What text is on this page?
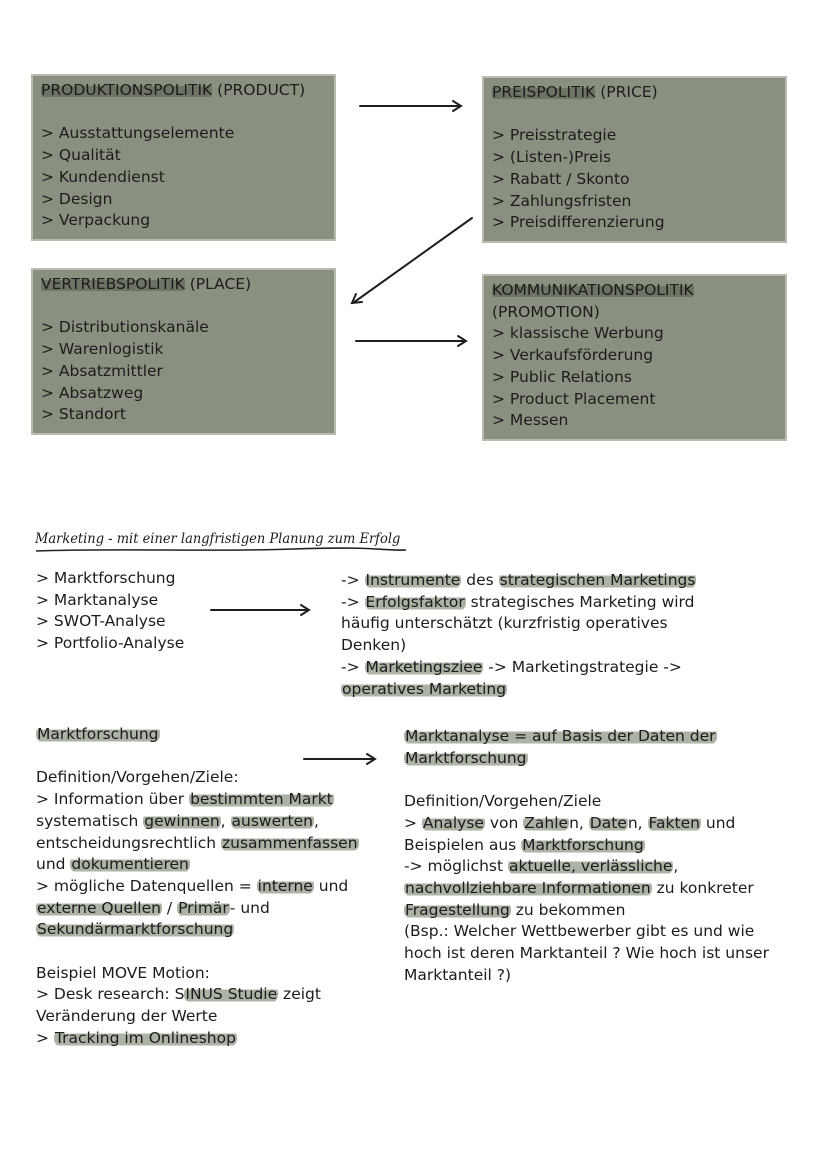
PRODUKTIONSPOLITIK (PRODUCT)
> Ausstattungselemente
> Qualität
> Kundendienst
> Design
> Verpackung
PREISPOLITIK (PRICE)
> Preisstrategie
> (Listen-)Preis
> Rabatt / Skonto
> Zahlungsfristen
> Preisdifferenzierung
VERTRIEBSPOLITIK (PLACE)
> Distributionskanäle
> Warenlogistik
> Absatzmittler
> Absatzweg
> Standort
KOMMUNIKATIONSPOLITIK
(PROMOTION)
> klassische Werbung
> Verkaufsförderung
> Public Relations
> Product Placement
> Messen
Marketing - mit einer langfristigen Planung zum Erfolg
> Marktforschung
> Marktanalyse
> SWOT-Analyse
> Portfolio-Analyse

-> Instrumente des strategischen Marketings

-> Erfolgsfaktor strategisches Marketing wird

häufig unterschätzt (kurzfristig operatives

Denken)

-> Marketingsziee -> Marketingstrategie ->

operatives Marketing

Marktforschung

Definition/Vorgehen/Ziele:

> Information über bestimmten Markt

systematisch gewinnen, auswerten,

entscheidungsrechtlich zusammenfassen

und dokumentieren

> mögliche Datenquellen = interne und

externe Quellen / Primär- und

Sekundärmarktforschung

Beispiel MOVE Motion:

> Desk research: SINUS Studie zeigt

Veränderung der Werte

> Tracking im Onlineshop

Marktanalyse = auf Basis der Daten der

Marktforschung

Definition/Vorgehen/Ziele

> Analyse von Zahlen, Daten, Fakten und

Beispielen aus Marktforschung

-> möglichst aktuelle, verlässliche,

nachvollziehbare Informationen zu konkreter

Fragestellung zu bekommen

(Bsp.: Welcher Wettbewerber gibt es und wie

hoch ist deren Marktanteil ? Wie hoch ist unser

Marktanteil ?)
